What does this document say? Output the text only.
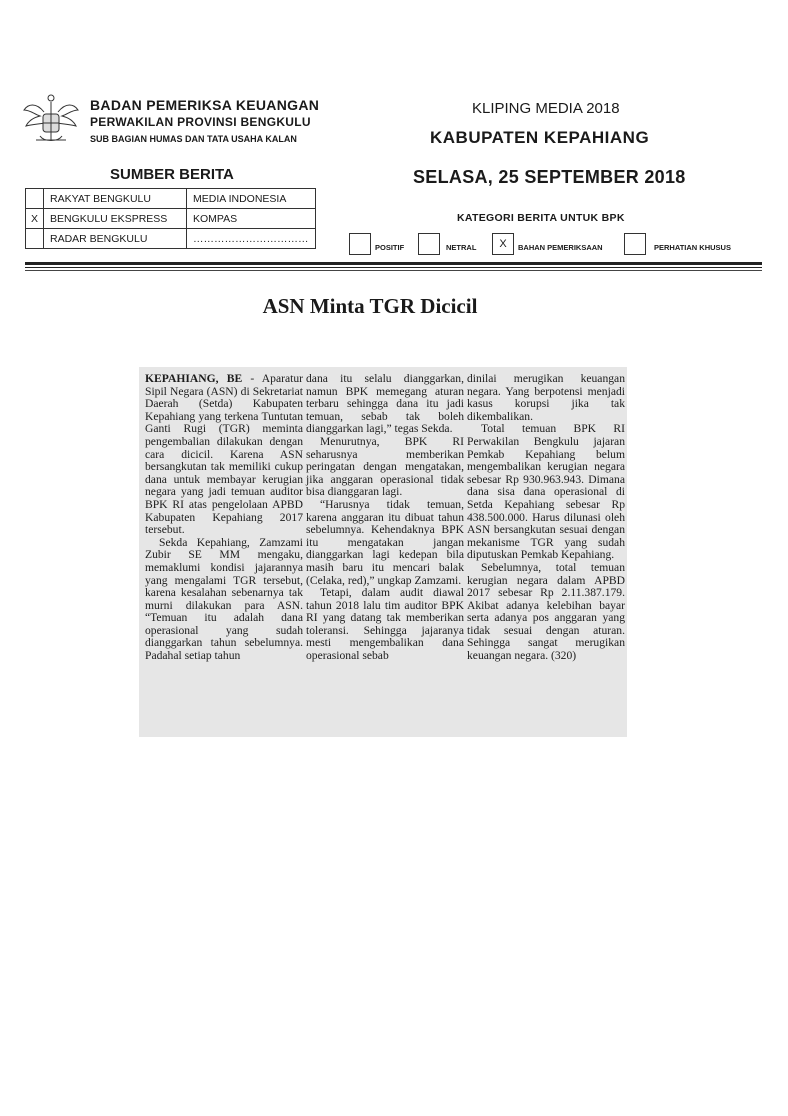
BADAN PEMERIKSA KEUANGAN
PERWAKILAN PROVINSI BENGKULU
SUB BAGIAN HUMAS DAN TATA USAHA KALAN
KLIPING MEDIA 2018
KABUPATEN KEPAHIANG
SUMBER BERITA	SELASA, 25 SEPTEMBER 2018
	RAKYAT BENGKULU	MEDIA INDONESIA
X	BENGKULU EKSPRESS	KOMPAS
	RADAR BENGKULU	……………………………
KATEGORI BERITA UNTUK BPK
POSITIF	NETRAL	X	BAHAN PEMERIKSAAN	PERHATIAN KHUSUS
ASN Minta TGR Dicicil

KEPAHIANG, BE - Aparatur Sipil Negara (ASN) di Sekretariat Daerah (Setda) Kabupaten Kepahiang yang terkena Tuntutan Ganti Rugi (TGR) meminta pengembalian dilakukan dengan cara dicicil. Karena ASN bersangkutan tak memiliki cukup dana untuk membayar kerugian negara yang jadi temuan auditor BPK RI atas pengelolaan APBD Kabupaten Kepahiang 2017 tersebut.

Sekda Kepahiang, Zamzami Zubir SE MM mengaku, memaklumi kondisi jajarannya yang mengalami TGR tersebut, karena kesalahan sebenarnya tak murni dilakukan para ASN. “Temuan itu adalah dana operasional yang sudah dianggarkan tahun sebelumnya. Padahal setiap tahun

dana itu selalu dianggarkan, namun BPK memegang aturan terbaru sehingga dana itu jadi temuan, sebab tak boleh dianggarkan lagi,” tegas Sekda.

Menurutnya, BPK RI seharusnya memberikan peringatan dengan mengatakan, jika anggaran operasional tidak bisa dianggaran lagi.

“Harusnya tidak temuan, karena anggaran itu dibuat tahun sebelumnya. Kehendaknya BPK itu mengatakan jangan dianggarkan lagi kedepan bila masih baru itu mencari balak (Celaka, red),” ungkap Zamzami.

Tetapi, dalam audit diawal tahun 2018 lalu tim auditor BPK RI yang datang tak memberikan toleransi. Sehingga jajaranya mesti mengembalikan dana operasional sebab

dinilai merugikan keuangan negara. Yang berpotensi menjadi kasus korupsi jika tak dikembalikan.

Total temuan BPK RI Perwakilan Bengkulu jajaran Pemkab Kepahiang belum mengembalikan kerugian negara sebesar Rp 930.963.943. Dimana dana sisa dana operasional di Setda Kepahiang sebesar Rp 438.500.000. Harus dilunasi oleh ASN bersangkutan sesuai dengan mekanisme TGR yang sudah diputuskan Pemkab Kepahiang.

Sebelumnya, total temuan kerugian negara dalam APBD 2017 sebesar Rp 2.11.387.179. Akibat adanya kelebihan bayar serta adanya pos anggaran yang tidak sesuai dengan aturan. Sehingga sangat merugikan keuangan negara. (320)
